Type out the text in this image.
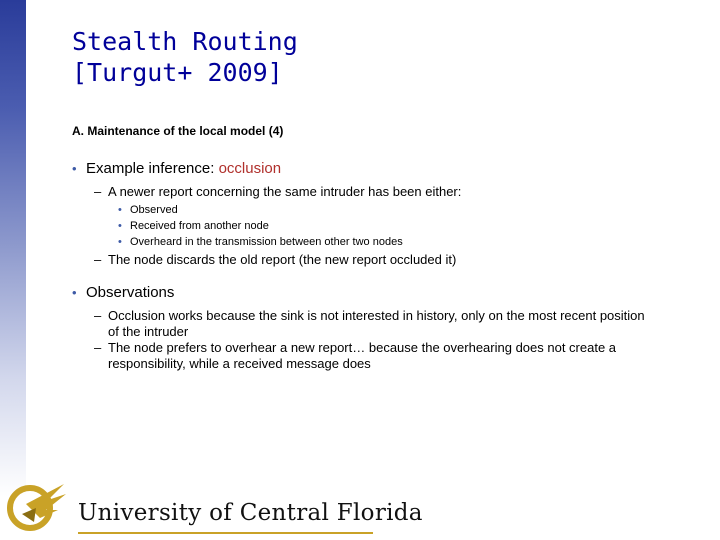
Stealth Routing
[Turgut+ 2009]
A. Maintenance of the local model (4)
• Example inference: occlusion
– A newer report concerning the same intruder has been either:
• Observed
• Received from another node
• Overheard in the transmission between other two nodes
– The node discards the old report (the new report occluded it)
• Observations
– Occlusion works because the sink is not interested in history, only on the most recent position of the intruder
– The node prefers to overhear a new report… because the overhearing does not create a responsibility, while a received message does
University of Central Florida
